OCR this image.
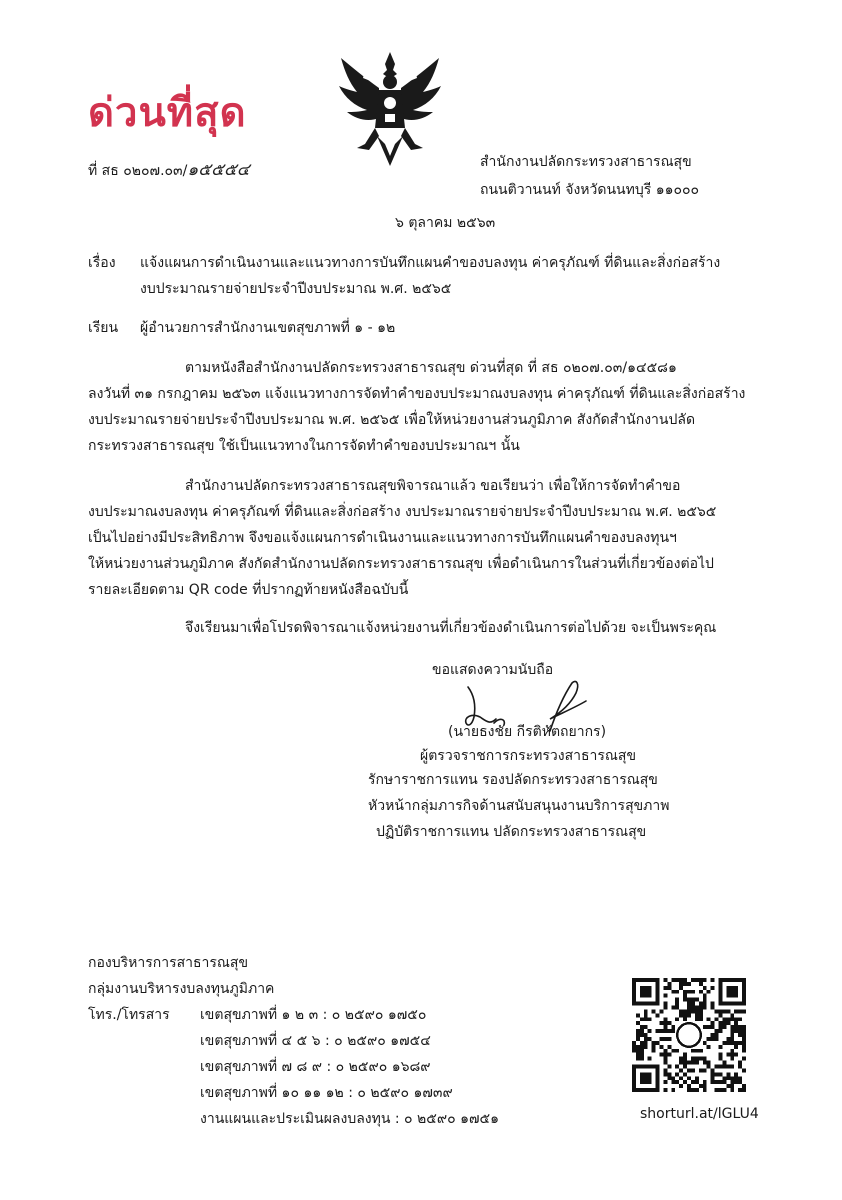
ด่วนที่สุด
ที่ สธ ๐๒๐๗.๐๓/๑๕๕๕๔	สำนักงานปลัดกระทรวงสาธารณสุข
ถนนติวานนท์ จังหวัดนนทบุรี ๑๑๐๐๐
๖ ตุลาคม ๒๕๖๓
เรื่อง แจ้งแผนการดำเนินงานและแนวทางการบันทึกแผนคำของบลงทุน ค่าครุภัณฑ์ ที่ดินและสิ่งก่อสร้าง
งบประมาณรายจ่ายประจำปีงบประมาณ พ.ศ. ๒๕๖๕
เรียน ผู้อำนวยการสำนักงานเขตสุขภาพที่ ๑ - ๑๒
ตามหนังสือสำนักงานปลัดกระทรวงสาธารณสุข ด่วนที่สุด ที่ สธ ๐๒๐๗.๐๓/๑๔๕๘๑
ลงวันที่ ๓๑ กรกฎาคม ๒๕๖๓ แจ้งแนวทางการจัดทำคำของบประมาณงบลงทุน ค่าครุภัณฑ์ ที่ดินและสิ่งก่อสร้าง
งบประมาณรายจ่ายประจำปีงบประมาณ พ.ศ. ๒๕๖๕ เพื่อให้หน่วยงานส่วนภูมิภาค สังกัดสำนักงานปลัด
กระทรวงสาธารณสุข ใช้เป็นแนวทางในการจัดทำคำของบประมาณฯ นั้น
สำนักงานปลัดกระทรวงสาธารณสุขพิจารณาแล้ว ขอเรียนว่า เพื่อให้การจัดทำคำขอ
งบประมาณงบลงทุน ค่าครุภัณฑ์ ที่ดินและสิ่งก่อสร้าง งบประมาณรายจ่ายประจำปีงบประมาณ พ.ศ. ๒๕๖๕
เป็นไปอย่างมีประสิทธิภาพ จึงขอแจ้งแผนการดำเนินงานและแนวทางการบันทึกแผนคำของบลงทุนฯ
ให้หน่วยงานส่วนภูมิภาค สังกัดสำนักงานปลัดกระทรวงสาธารณสุข เพื่อดำเนินการในส่วนที่เกี่ยวข้องต่อไป
รายละเอียดตาม QR code ที่ปรากฏท้ายหนังสือฉบับนี้
จึงเรียนมาเพื่อโปรดพิจารณาแจ้งหน่วยงานที่เกี่ยวข้องดำเนินการต่อไปด้วย จะเป็นพระคุณ
ขอแสดงความนับถือ
(นายธงชัย กีรติหัตถยากร)
ผู้ตรวจราชการกระทรวงสาธารณสุข
รักษาราชการแทน รองปลัดกระทรวงสาธารณสุข
หัวหน้ากลุ่มภารกิจด้านสนับสนุนงานบริการสุขภาพ
ปฏิบัติราชการแทน ปลัดกระทรวงสาธารณสุข
กองบริหารการสาธารณสุข
กลุ่มงานบริหารงบลงทุนภูมิภาค
โทร./โทรสาร เขตสุขภาพที่ ๑ ๒ ๓ : ๐ ๒๕๙๐ ๑๗๕๐
เขตสุขภาพที่ ๔ ๕ ๖ : ๐ ๒๕๙๐ ๑๗๕๔
เขตสุขภาพที่ ๗ ๘ ๙ : ๐ ๒๕๙๐ ๑๖๘๙
เขตสุขภาพที่ ๑๐ ๑๑ ๑๒ : ๐ ๒๕๙๐ ๑๗๓๙
งานแผนและประเมินผลงบลงทุน : ๐ ๒๕๙๐ ๑๗๕๑	shorturl.at/lGLU4
